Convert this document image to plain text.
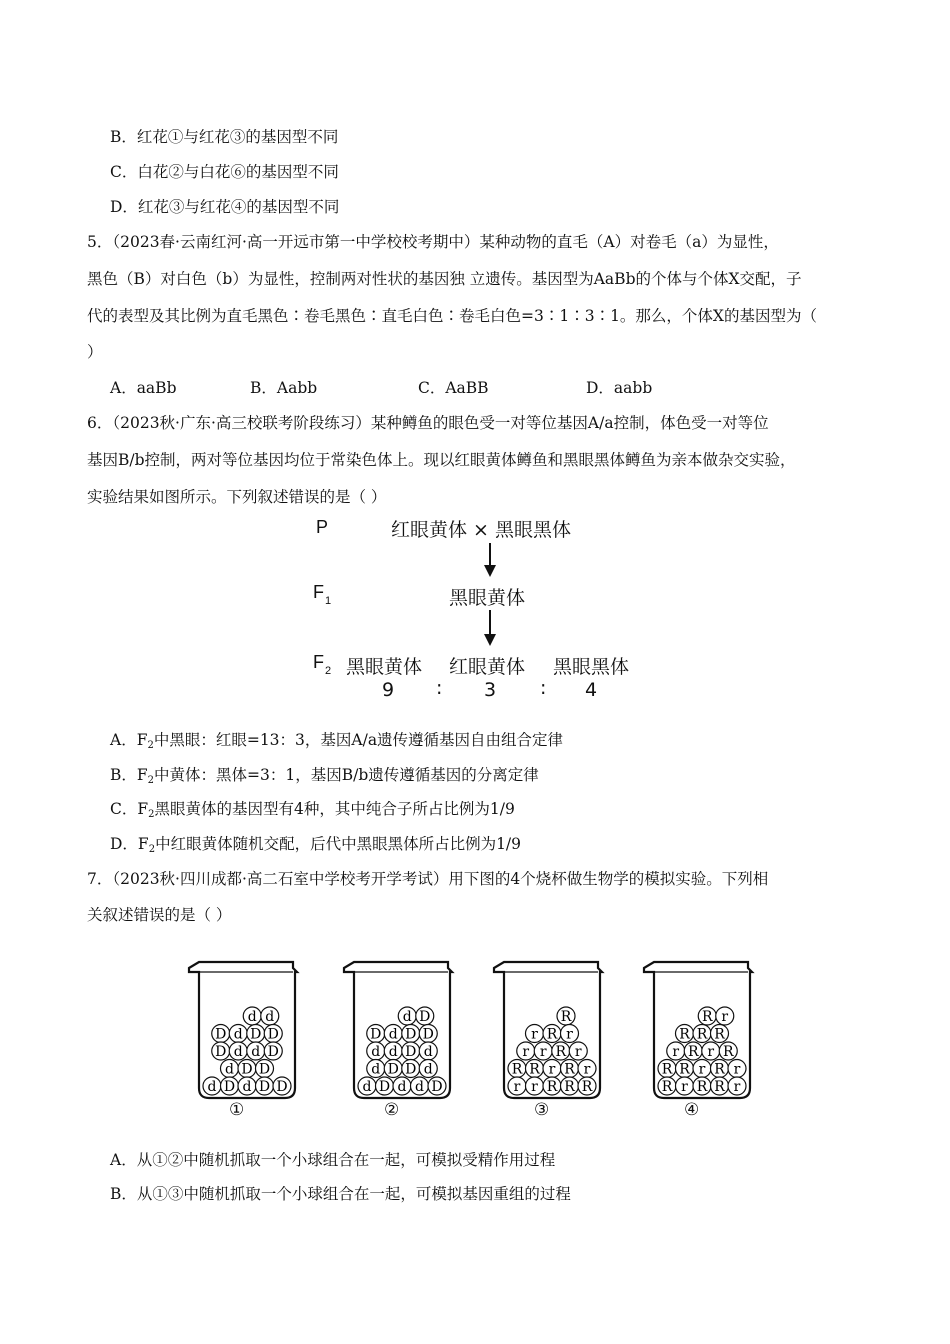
B．红花①与红花③的基因型不同
C．白花②与白花⑥的基因型不同
D．红花③与红花④的基因型不同
5．（2023春·云南红河·高一开远市第一中学校校考期中）某种动物的直毛（A）对卷毛（a）为显性，
黑色（B）对白色（b）为显性，控制两对性状的基因独 立遗传。基因型为AaBb的个体与个体X交配，子
代的表型及其比例为直毛黑色∶卷毛黑色∶直毛白色∶卷毛白色=3∶1∶3∶1。那么，个体X的基因型为（
）
A．aaBb	B．Aabb	C．AaBB	D．aabb
6．（2023秋·广东·高三校联考阶段练习）某种鳟鱼的眼色受一对等位基因A/a控制，体色受一对等位
基因B/b控制，两对等位基因均位于常染色体上。现以红眼黄体鳟鱼和黑眼黑体鳟鱼为亲本做杂交实验，
实验结果如图所示。下列叙述错误的是（ ）
P	红眼黄体 × 黑眼黑体
$F_1$	黑眼黄体
$F_2$ 黑眼黄体 红眼黄体 黑眼黑体
9 : 3 : 4
A．$F_2$中黑眼：红眼=13：3，基因A/a遗传遵循基因自由组合定律
B．$F_2$中黄体：黑体=3：1，基因B/b遗传遵循基因的分离定律
C．$F_2$黑眼黄体的基因型有4种，其中纯合子所占比例为1/9
D．$F_2$中红眼黄体随机交配，后代中黑眼黑体所占比例为1/9
7．（2023秋·四川成都·高二石室中学校考开学考试）用下图的4个烧杯做生物学的模拟实验。下列相
关叙述错误的是（ ）
d d
D d D D
D d d D
d D D
d D d D D
①
d D
D d D D
d d D d
d D D d
d D d d D
②
R
r R r
r r R r
R R r R r
r r R R R
③
R r
R R R
r R r R
R R r R r
R r R R r
④
A．从①②中随机抓取一个小球组合在一起，可模拟受精作用过程
B．从①③中随机抓取一个小球组合在一起，可模拟基因重组的过程
